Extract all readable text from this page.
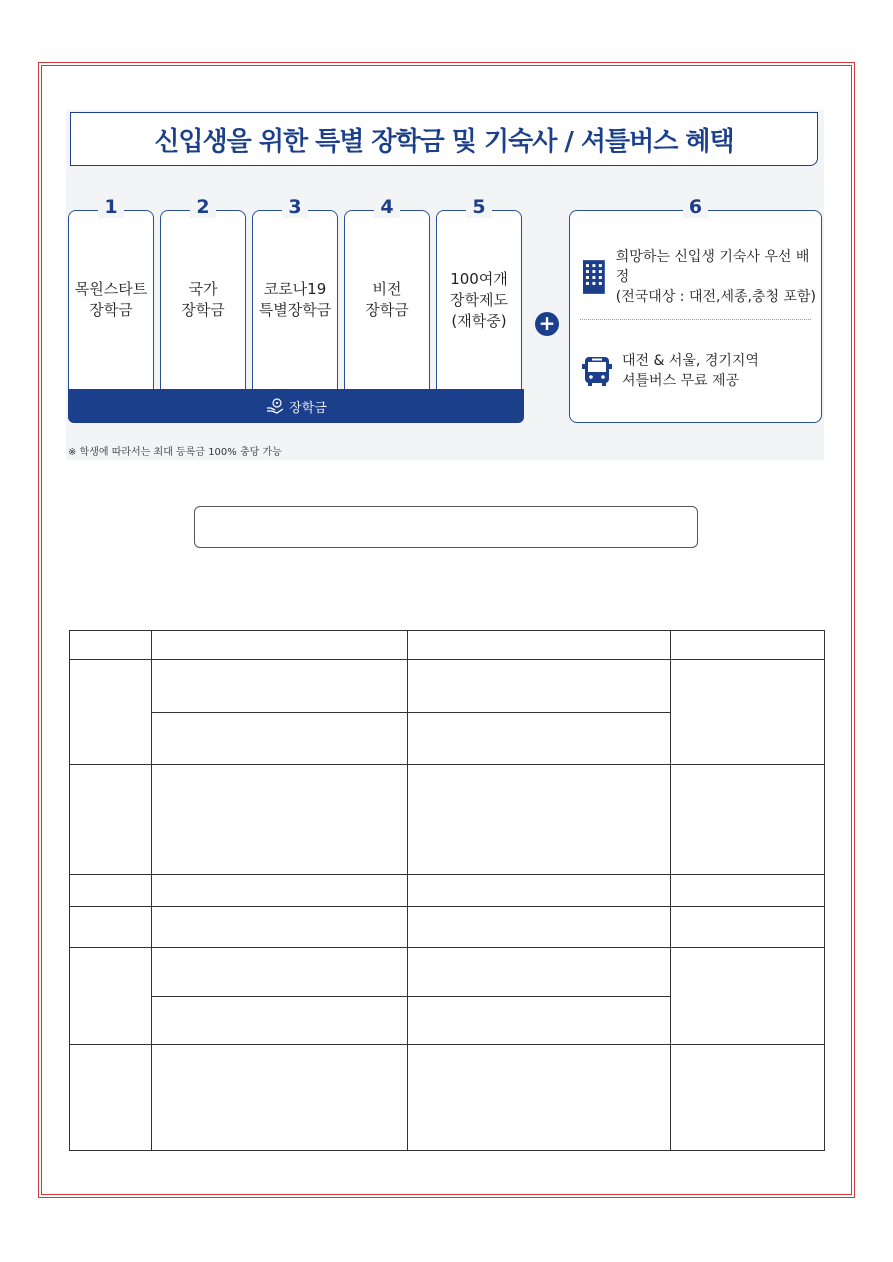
신입생을 위한 특별 장학금 및 기숙사 / 셔틀버스 혜택
목원스타트
장학금
1
국가
장학금
2
코로나19
특별장학금
3
비전
장학금
4
100여개
장학제도
(재학중)
5
장학금
+
희망하는 신입생 기숙사 우선 배정
(전국대상 : 대전,세종,충청 포함)
대전 & 서울, 경기지역
셔틀버스 무료 제공
6
※ 학생에 따라서는 최대 등록금 100% 충당 가능
